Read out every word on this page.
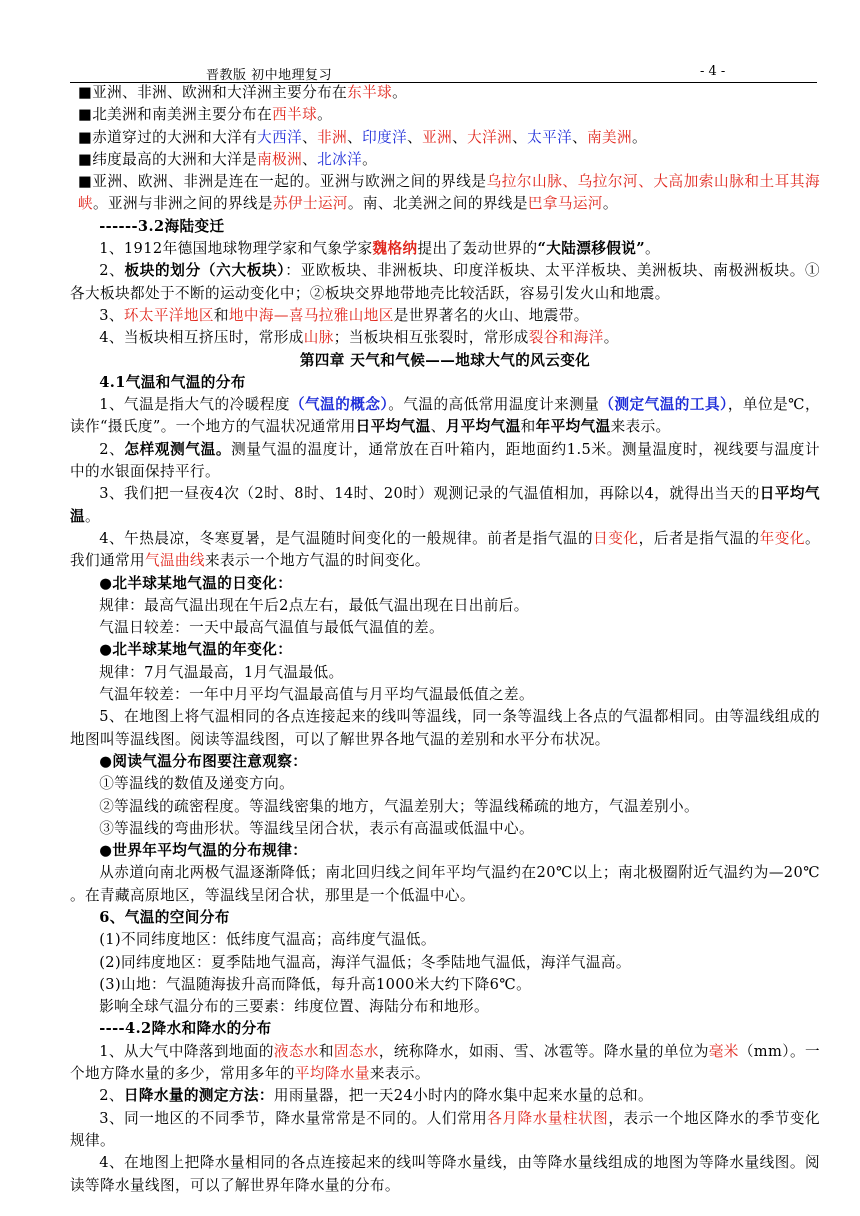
晋教版 初中地理复习	- 4 -

■亚洲、非洲、欧洲和大洋洲主要分布在东半球。

■北美洲和南美洲主要分布在西半球。

■赤道穿过的大洲和大洋有大西洋、非洲、印度洋、亚洲、大洋洲、太平洋、南美洲。

■纬度最高的大洲和大洋是南极洲、北冰洋。

■亚洲、欧洲、非洲是连在一起的。亚洲与欧洲之间的界线是乌拉尔山脉、乌拉尔河、大高加索山脉和土耳其海峡。亚洲与非洲之间的界线是苏伊士运河。南、北美洲之间的界线是巴拿马运河。

------3.2海陆变迁

1、1912年德国地球物理学家和气象学家魏格纳提出了轰动世界的“大陆漂移假说”。

2、板块的划分（六大板块）：亚欧板块、非洲板块、印度洋板块、太平洋板块、美洲板块、南极洲板块。①各大板块都处于不断的运动变化中；②板块交界地带地壳比较活跃，容易引发火山和地震。

3、环太平洋地区和地中海—喜马拉雅山地区是世界著名的火山、地震带。

4、当板块相互挤压时，常形成山脉；当板块相互张裂时，常形成裂谷和海洋。

第四章 天气和气候——地球大气的风云变化

4.1气温和气温的分布

1、气温是指大气的冷暖程度（气温的概念）。气温的高低常用温度计来测量（测定气温的工具），单位是℃，读作“摄氏度”。一个地方的气温状况通常用日平均气温、月平均气温和年平均气温来表示。

2、怎样观测气温。测量气温的温度计，通常放在百叶箱内，距地面约1.5米。测量温度时，视线要与温度计中的水银面保持平行。

3、我们把一昼夜4次（2时、8时、14时、20时）观测记录的气温值相加，再除以4，就得出当天的日平均气温。

4、午热晨凉，冬寒夏暑，是气温随时间变化的一般规律。前者是指气温的日变化，后者是指气温的年变化。我们通常用气温曲线来表示一个地方气温的时间变化。

●北半球某地气温的日变化：

规律：最高气温出现在午后2点左右，最低气温出现在日出前后。

气温日较差：一天中最高气温值与最低气温值的差。

●北半球某地气温的年变化：

规律：7月气温最高，1月气温最低。

气温年较差：一年中月平均气温最高值与月平均气温最低值之差。

5、在地图上将气温相同的各点连接起来的线叫等温线，同一条等温线上各点的气温都相同。由等温线组成的地图叫等温线图。阅读等温线图，可以了解世界各地气温的差别和水平分布状况。

●阅读气温分布图要注意观察：

①等温线的数值及递变方向。

②等温线的疏密程度。等温线密集的地方，气温差别大；等温线稀疏的地方，气温差别小。

③等温线的弯曲形状。等温线呈闭合状，表示有高温或低温中心。

●世界年平均气温的分布规律：

从赤道向南北两极气温逐渐降低；南北回归线之间年平均气温约在20℃以上；南北极圈附近气温约为—20℃ 。在青藏高原地区，等温线呈闭合状，那里是一个低温中心。

6、气温的空间分布

(1)不同纬度地区：低纬度气温高；高纬度气温低。

(2)同纬度地区：夏季陆地气温高，海洋气温低；冬季陆地气温低，海洋气温高。

(3)山地：气温随海拔升高而降低，每升高1000米大约下降6℃。

影响全球气温分布的三要素：纬度位置、海陆分布和地形。

----4.2降水和降水的分布

1、从大气中降落到地面的液态水和固态水，统称降水，如雨、雪、冰雹等。降水量的单位为毫米（mm）。一个地方降水量的多少，常用多年的平均降水量来表示。

2、日降水量的测定方法：用雨量器，把一天24小时内的降水集中起来水量的总和。

3、同一地区的不同季节，降水量常常是不同的。人们常用各月降水量柱状图，表示一个地区降水的季节变化规律。

4、在地图上把降水量相同的各点连接起来的线叫等降水量线，由等降水量线组成的地图为等降水量线图。阅读等降水量线图，可以了解世界年降水量的分布。
